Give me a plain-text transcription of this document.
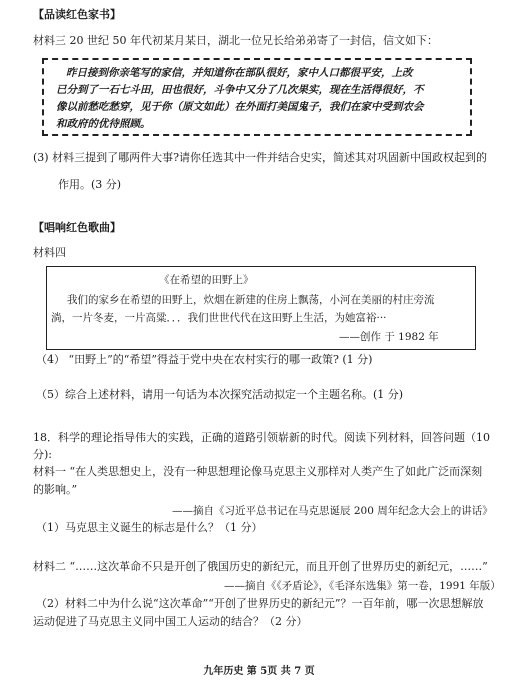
【品读红色家书】
材料三 20 世纪 50 年代初某月某日，湖北一位兄长给弟弟寄了一封信，信文如下：
昨日接到你亲笔写的家信，并知道你在部队很好，家中人口都很平安，上改
已分到了一石七斗田，田也很好，斗争中又分了几次果实，现在生活得很好，不
像以前愁吃愁穿，见于你（原文如此）在外面打美国鬼子，我们在家中受到农会
和政府的优待照顾。
(3) 材料三提到了哪两件大事?请你任选其中一件并结合史实，简述其对巩固新中国政权起到的
作用。(3 分)
【唱响红色歌曲】
材料四
《在希望的田野上》
我们的家乡在希望的田野上，炊烟在新建的住房上飘荡，小河在美丽的村庄旁流
淌，一片冬麦，一片高粱．．．我们世世代代在这田野上生活，为她富裕···
——创作 于 1982 年
（4） “田野上”的“希望”得益于党中央在农村实行的哪一政策? (1 分)
（5）综合上述材料，请用一句话为本次探究活动拟定一个主题名称。(1 分)
18．科学的理论指导伟大的实践，正确的道路引领崭新的时代。阅读下列材料，回答问题（10
分):
材料一 “在人类思想史上，没有一种思想理论像马克思主义那样对人类产生了如此广泛而深刻
的影响。”
——摘自《习近平总书记在马克思诞辰 200 周年纪念大会上的讲话》
（1）马克思主义诞生的标志是什么？（1 分）
材料二 “……这次革命不只是开创了俄国历史的新纪元，而且开创了世界历史的新纪元，……”
——摘自《《矛盾论》，《毛泽东选集》第一卷，1991 年版）
（2）材料二中为什么说“这次革命”“开创了世界历史的新纪元”？一百年前，哪一次思想解放
运动促进了马克思主义同中国工人运动的结合？（2 分）
九年历史 第 5页 共 7 页
